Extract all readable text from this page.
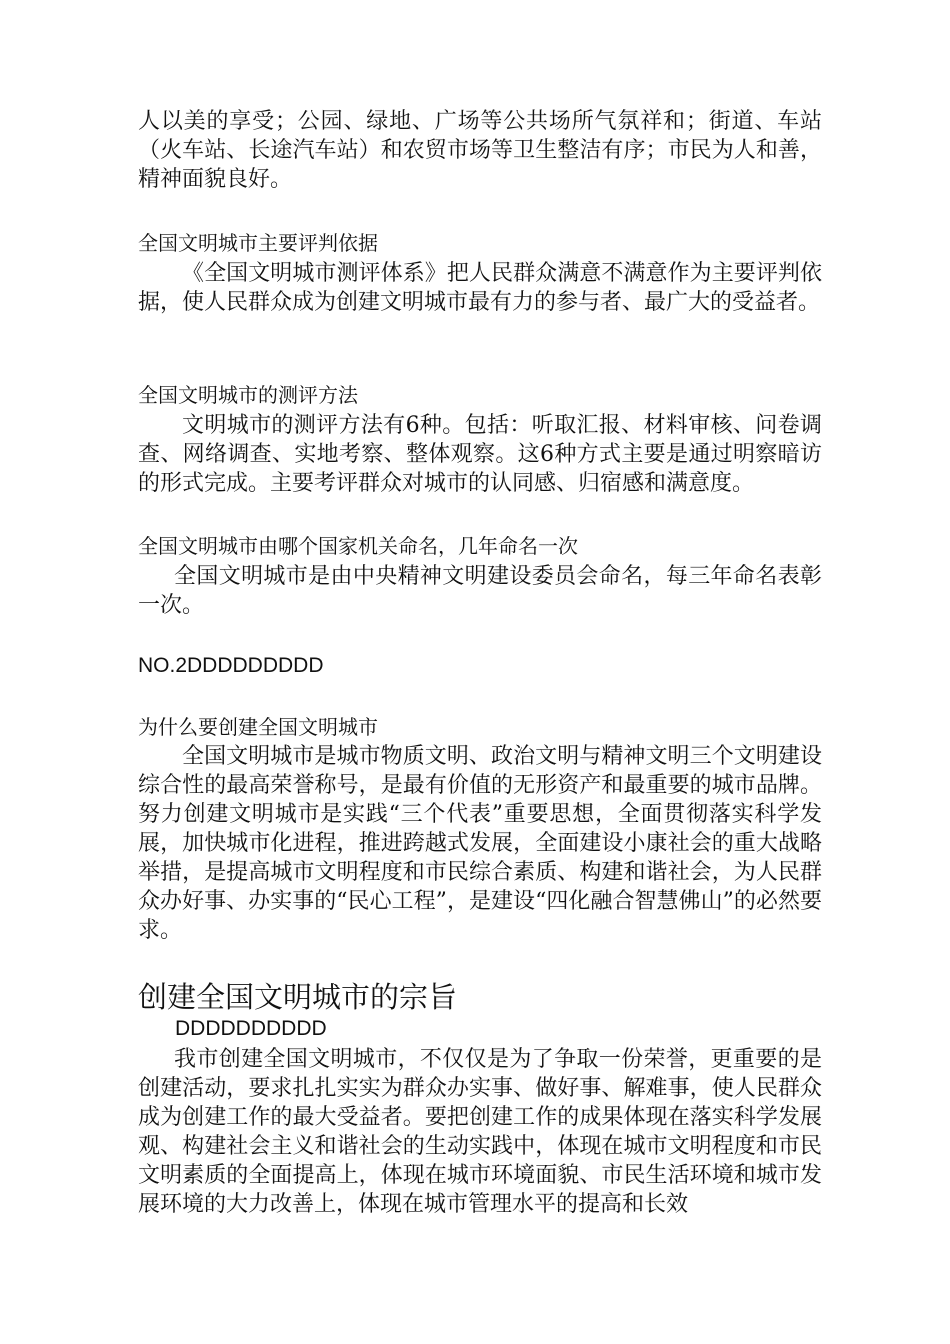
人以美的享受；公园、绿地、广场等公共场所气氛祥和；街道、车站（火车站、长途汽车站）和农贸市场等卫生整洁有序；市民为人和善，精神面貌良好。

全国文明城市主要评判依据

《全国文明城市测评体系》把人民群众满意不满意作为主要评判依据，使人民群众成为创建文明城市最有力的参与者、最广大的受益者。

全国文明城市的测评方法

文明城市的测评方法有6种。包括：听取汇报、材料审核、问卷调查、网络调查、实地考察、整体观察。这6种方式主要是通过明察暗访的形式完成。主要考评群众对城市的认同感、归宿感和满意度。

全国文明城市由哪个国家机关命名，几年命名一次

全国文明城市是由中央精神文明建设委员会命名，每三年命名表彰一次。

NO.2DDDDDDDDD
为什么要创建全国文明城市

全国文明城市是城市物质文明、政治文明与精神文明三个文明建设综合性的最高荣誉称号，是最有价值的无形资产和最重要的城市品牌。努力创建文明城市是实践“三个代表”重要思想，全面贯彻落实科学发展，加快城市化进程，推进跨越式发展，全面建设小康社会的重大战略举措，是提高城市文明程度和市民综合素质、构建和谐社会，为人民群众办好事、办实事的“民心工程”，是建设“四化融合智慧佛山”的必然要求。

创建全国文明城市的宗旨
DDDDDDDDDD

我市创建全国文明城市，不仅仅是为了争取一份荣誉，更重要的是创建活动，要求扎扎实实为群众办实事、做好事、解难事，使人民群众成为创建工作的最大受益者。要把创建工作的成果体现在落实科学发展观、构建社会主义和谐社会的生动实践中，体现在城市文明程度和市民文明素质的全面提高上，体现在城市环境面貌、市民生活环境和城市发展环境的大力改善上，体现在城市管理水平的提高和长效
